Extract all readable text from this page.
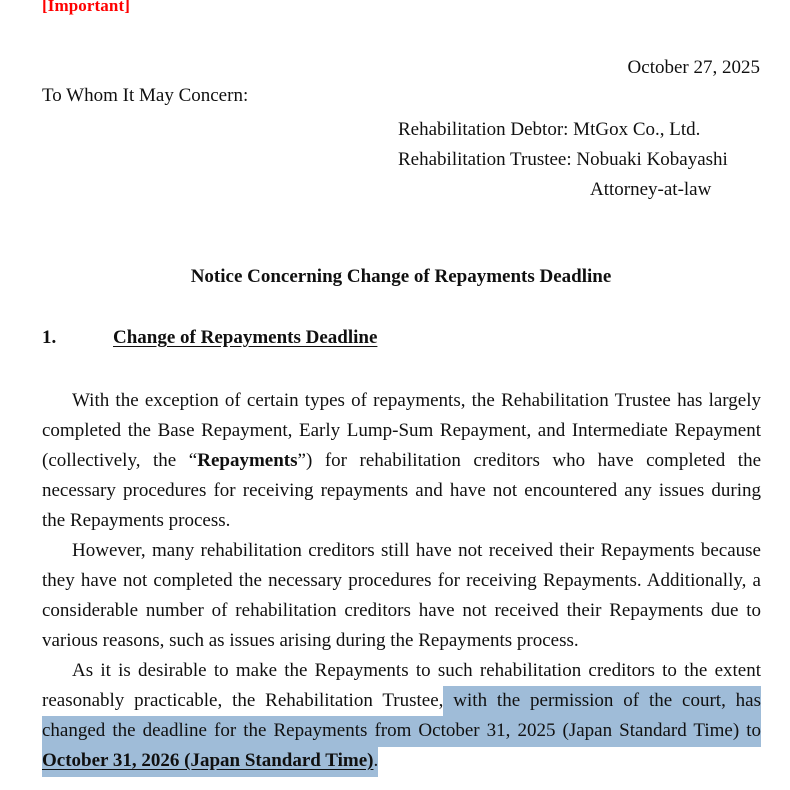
[Important]
October 27, 2025
To Whom It May Concern:
Rehabilitation Debtor: MtGox Co., Ltd.
Rehabilitation Trustee: Nobuaki Kobayashi
Attorney-at-law
Notice Concerning Change of Repayments Deadline
1.	Change of Repayments Deadline

With the exception of certain types of repayments, the Rehabilitation Trustee has largely completed the Base Repayment, Early Lump-Sum Repayment, and Intermediate Repayment (collectively, the “Repayments”) for rehabilitation creditors who have completed the necessary procedures for receiving repayments and have not encountered any issues during the Repayments process.

However, many rehabilitation creditors still have not received their Repayments because they have not completed the necessary procedures for receiving Repayments. Additionally, a considerable number of rehabilitation creditors have not received their Repayments due to various reasons, such as issues arising during the Repayments process.

As it is desirable to make the Repayments to such rehabilitation creditors to the extent reasonably practicable, the Rehabilitation Trustee, with the permission of the court, has changed the deadline for the Repayments from October 31, 2025 (Japan Standard Time) to October 31, 2026 (Japan Standard Time).
